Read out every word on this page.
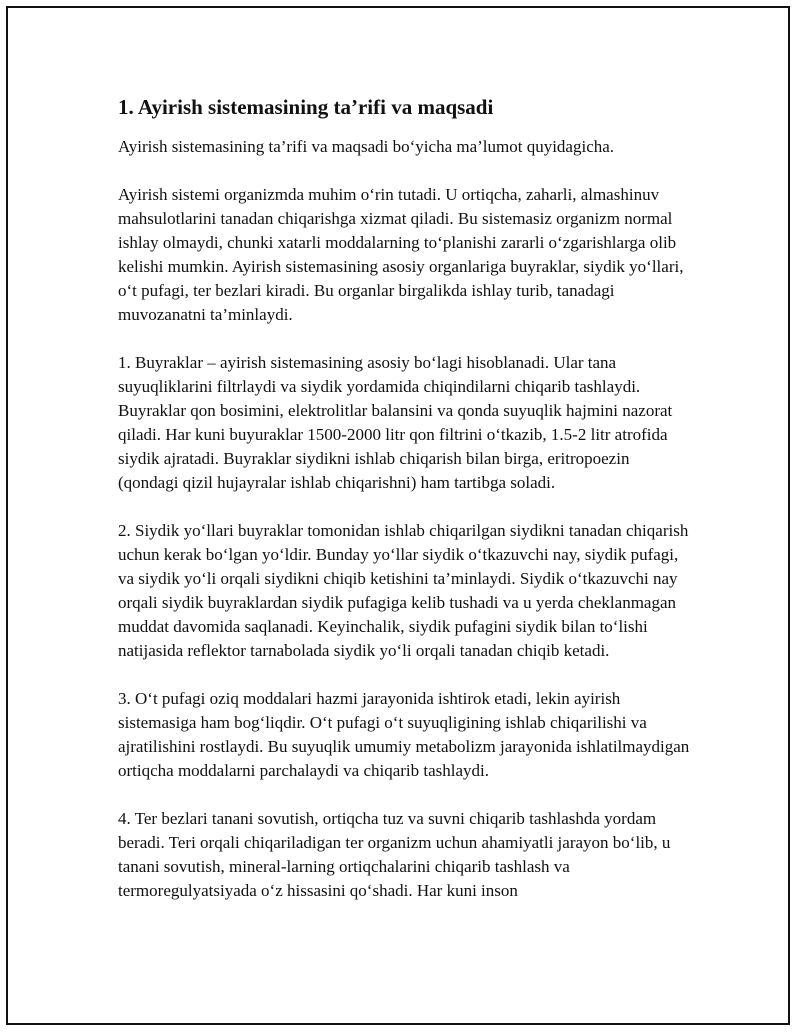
1. Ayirish sistemasining ta’rifi va maqsadi

Ayirish sistemasining ta’rifi va maqsadi bo‘yicha ma’lumot quyidagicha.

Ayirish sistemi organizmda muhim o‘rin tutadi. U ortiqcha, zaharli, almashinuv mahsulotlarini tanadan chiqarishga xizmat qiladi. Bu sistemasiz organizm normal ishlay olmaydi, chunki xatarli moddalarning to‘planishi zararli o‘zgarishlarga olib kelishi mumkin. Ayirish sistemasining asosiy organlariga buyraklar, siydik yo‘llari, o‘t pufagi, ter bezlari kiradi. Bu organlar birgalikda ishlay turib, tanadagi muvozanatni ta’minlaydi.

1. Buyraklar – ayirish sistemasining asosiy bo‘lagi hisoblanadi. Ular tana suyuqliklarini filtrlaydi va siydik yordamida chiqindilarni chiqarib tashlaydi. Buyraklar qon bosimini, elektrolitlar balansini va qonda suyuqlik hajmini nazorat qiladi. Har kuni buyuraklar 1500-2000 litr qon filtrini o‘tkazib, 1.5-2 litr atrofida siydik ajratadi. Buyraklar siydikni ishlab chiqarish bilan birga, eritropoezin (qondagi qizil hujayralar ishlab chiqarishni) ham tartibga soladi.

2. Siydik yo‘llari buyraklar tomonidan ishlab chiqarilgan siydikni tanadan chiqarish uchun kerak bo‘lgan yo‘ldir. Bunday yo‘llar siydik o‘tkazuvchi nay, siydik pufagi, va siydik yo‘li orqali siydikni chiqib ketishini ta’minlaydi. Siydik o‘tkazuvchi nay orqali siydik buyraklardan siydik pufagiga kelib tushadi va u yerda cheklanmagan muddat davomida saqlanadi. Keyinchalik, siydik pufagini siydik bilan to‘lishi natijasida reflektor tarnabolada siydik yo‘li orqali tanadan chiqib ketadi.

3. O‘t pufagi oziq moddalari hazmi jarayonida ishtirok etadi, lekin ayirish sistemasiga ham bog‘liqdir. O‘t pufagi o‘t suyuqligining ishlab chiqarilishi va ajratilishini rostlaydi. Bu suyuqlik umumiy metabolizm jarayonida ishlatilmaydigan ortiqcha moddalarni parchalaydi va chiqarib tashlaydi.

4. Ter bezlari tanani sovutish, ortiqcha tuz va suvni chiqarib tashlashda yordam beradi. Teri orqali chiqariladigan ter organizm uchun ahamiyatli jarayon bo‘lib, u tanani sovutish, mineral-larning ortiqchalarini chiqarib tashlash va termoregulyatsiyada o‘z hissasini qo‘shadi. Har kuni inson
